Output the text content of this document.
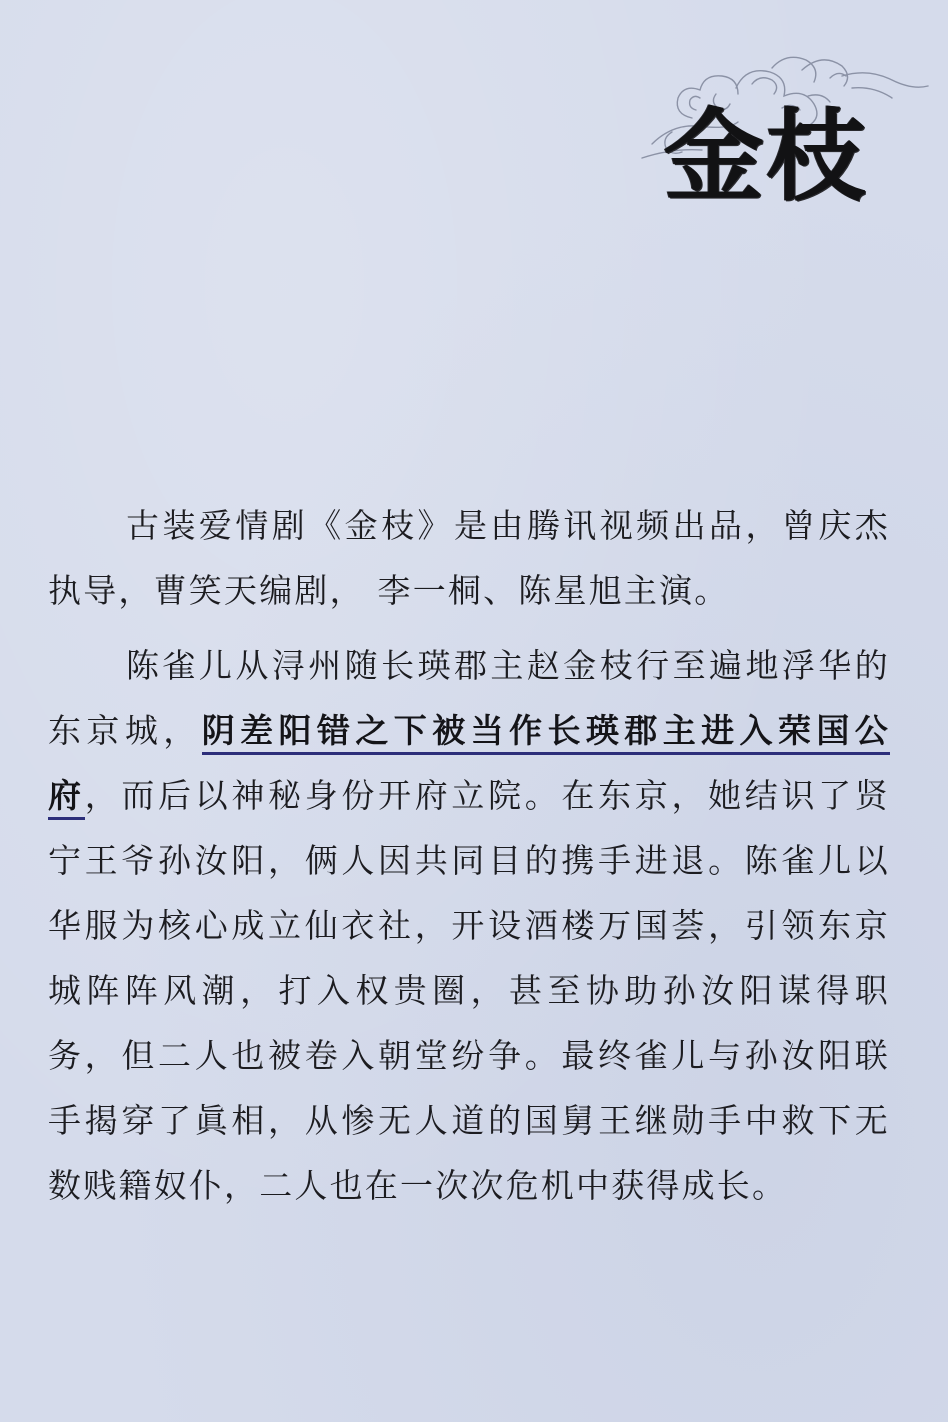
金枝

古装爱情剧《金枝》是由腾讯视频出品，曾庆杰执导，曹笑天编剧， 李一桐、陈星旭主演。

陈雀儿从浔州随长瑛郡主赵金枝行至遍地浮华的东京城，阴差阳错之下被当作长瑛郡主进入荣国公府，而后以神秘身份开府立院。在东京，她结识了贤宁王爷孙汝阳，俩人因共同目的携手进退。陈雀儿以华服为核心成立仙衣社，开设酒楼万国荟，引领东京城阵阵风潮，打入权贵圈，甚至协助孙汝阳谋得职务，但二人也被卷入朝堂纷争。最终雀儿与孙汝阳联手揭穿了眞相，从惨无人道的国舅王继勋手中救下无数贱籍奴仆，二人也在一次次危机中获得成长。
